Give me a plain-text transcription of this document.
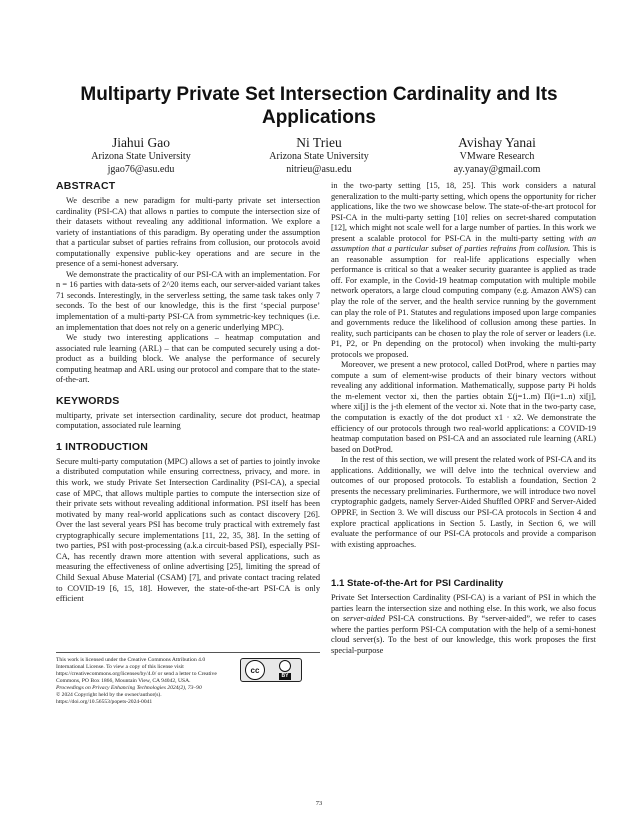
Multiparty Private Set Intersection Cardinality and Its Applications
Jiahui Gao
Arizona State University
jgao76@asu.edu
Ni Trieu
Arizona State University
nitrieu@asu.edu
Avishay Yanai
VMware Research
ay.yanay@gmail.com
ABSTRACT

We describe a new paradigm for multi-party private set intersection cardinality (PSI-CA) that allows n parties to compute the intersection size of their datasets without revealing any additional information. We explore a variety of instantiations of this paradigm. By operating under the assumption that a particular subset of parties refrains from collusion, our protocols avoid computationally expensive public-key operations and are secure in the presence of a semi-honest adversary.

We demonstrate the practicality of our PSI-CA with an implementation. For n = 16 parties with data-sets of 2^20 items each, our server-aided variant takes 71 seconds. Interestingly, in the serverless setting, the same task takes only 7 seconds. To the best of our knowledge, this is the first ‘special purpose’ implementation of a multi-party PSI-CA from symmetric-key techniques (i.e. an implementation that does not rely on a generic underlying MPC).

We study two interesting applications – heatmap computation and associated rule learning (ARL) – that can be computed securely using a dot-product as a building block. We analyse the performance of securely computing heatmap and ARL using our protocol and compare that to the state-of-the-art.

KEYWORDS

multiparty, private set intersection cardinality, secure dot product, heatmap computation, associated rule learning

1 INTRODUCTION

Secure multi-party computation (MPC) allows a set of parties to jointly invoke a distributed computation while ensuring correctness, privacy, and more. in this work, we study Private Set Intersection Cardinality (PSI-CA), a special case of MPC, that allows multiple parties to compute the intersection size of their private sets without revealing additional information. PSI itself has been motivated by many real-world applications such as contact discovery [26]. Over the last several years PSI has become truly practical with extremely fast cryptographically secure implementations [11, 22, 35, 38]. In the setting of two parties, PSI with post-processing (a.k.a circuit-based PSI), especially PSI-CA, has recently drawn more attention with several applications, such as measuring the effectiveness of online advertising [25], limiting the spread of Child Sexual Abuse Material (CSAM) [7], and private contact tracing related to COVID-19 [6, 15, 18]. However, the state-of-the-art PSI-CA is only efficient

This work is licensed under the Creative Commons Attribution 4.0 International License. To view a copy of this license visit https://creativecommons.org/licenses/by/4.0/ or send a letter to Creative Commons, PO Box 1866, Mountain View, CA 94042, USA.
cc
BY
Proceedings on Privacy Enhancing Technologies 2024(2), 73–90
© 2024 Copyright held by the owner/author(s).
https://doi.org/10.56553/popets-2024-0041

in the two-party setting [15, 18, 25]. This work considers a natural generalization to the multi-party setting, which opens the opportunity for richer applications, like the two we showcase below. The state-of-the-art protocol for PSI-CA in the multi-party setting [10] relies on secret-shared computation [12], which might not scale well for a large number of parties. In this work we present a scalable protocol for PSI-CA in the multi-party setting with an assumption that a particular subset of parties refrains from collusion. This is an reasonable assumption for real-life applications especially when performance is critical so that a weaker security guarantee is applied as trade off. For example, in the Covid-19 heatmap computation with multiple mobile network operators, a large cloud computing company (e.g. Amazon AWS) can play the role of the server, and the health service running by the government can play the role of P1. Statutes and regulations imposed upon large companies and governments reduce the likelihood of collusion among these parties. In reality, such participants can be chosen to play the role of server or leaders (i.e. P1, P2, or Pn depending on the protocol) when invoking the multi-party protocols we proposed.

Moreover, we present a new protocol, called DotProd, where n parties may compute a sum of element-wise products of their binary vectors without revealing any additional information. Mathematically, suppose party Pi holds the m-element vector xi, then the parties obtain Σ(j=1..m) Π(i=1..n) xi[j], where xi[j] is the j-th element of the vector xi. Note that in the two-party case, the computation is exactly of the dot product x1 · x2. We demonstrate the efficiency of our protocols through two real-world applications: a COVID-19 heatmap computation based on PSI-CA and an associated rule learning (ARL) based on DotProd.

In the rest of this section, we will present the related work of PSI-CA and its applications. Additionally, we will delve into the technical overview and outcomes of our proposed protocols. To establish a foundation, Section 2 presents the necessary preliminaries. Furthermore, we will introduce two novel cryptographic gadgets, namely Server-Aided Shuffled OPRF and Server-Aided OPPRF, in Section 3. We will discuss our PSI-CA protocols in Section 4 and explore practical applications in Section 5. Lastly, in Section 6, we will evaluate the performance of our PSI-CA protocols and provide a comparison with existing approaches.

1.1 State-of-the-Art for PSI Cardinality

Private Set Intersection Cardinality (PSI-CA) is a variant of PSI in which the parties learn the intersection size and nothing else. In this work, we also focus on server-aided PSI-CA constructions. By “server-aided”, we refer to cases where the parties perform PSI-CA computation with the help of a semi-honest cloud server(s). To the best of our knowledge, this work proposes the first special-purpose

73
